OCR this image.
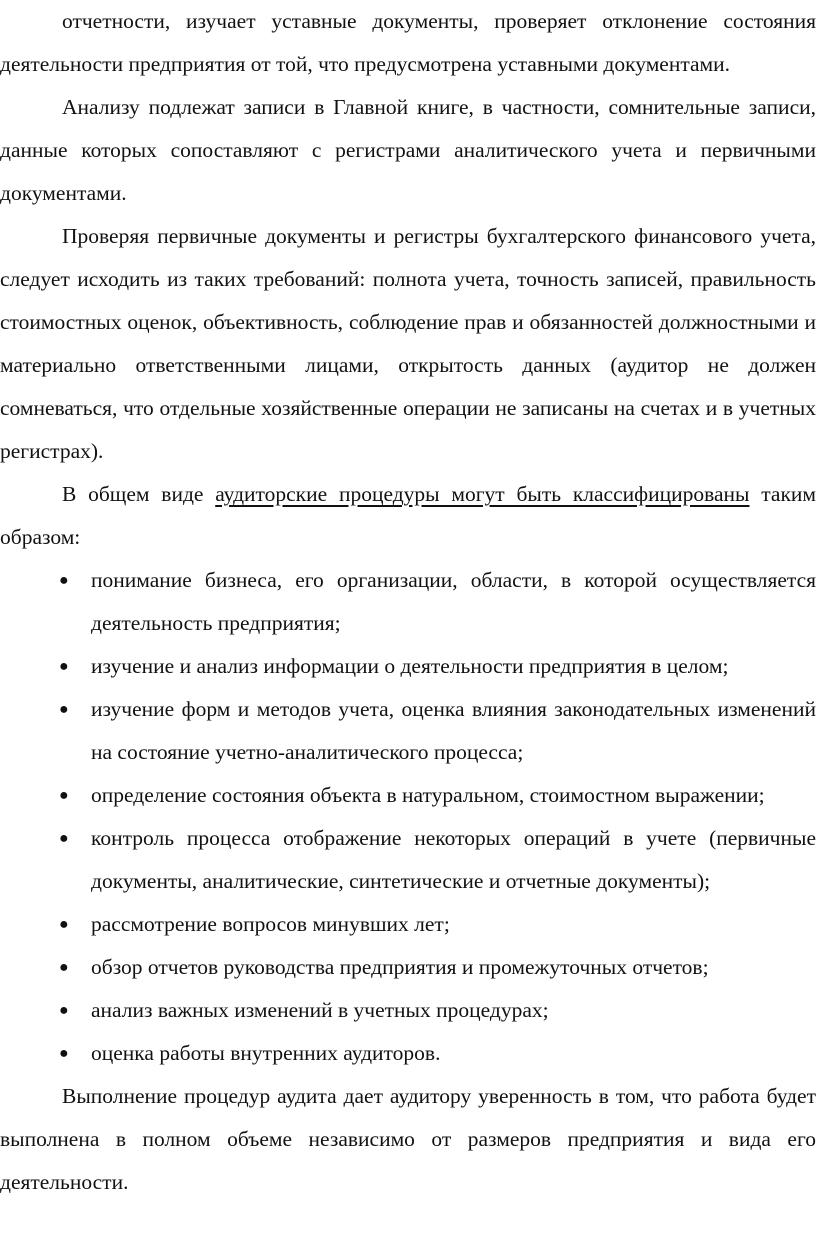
отчетности, изучает уставные документы, проверяет отклонение состояния деятельности предприятия от той, что предусмотрена уставными документами.

Анализу подлежат записи в Главной книге, в частности, сомнительные записи, данные которых сопоставляют с регистрами аналитического учета и первичными документами.

Проверяя первичные документы и регистры бухгалтерского финансового учета, следует исходить из таких требований: полнота учета, точность записей, правильность стоимостных оценок, объективность, соблюдение прав и обязанностей должностными и материально ответственными лицами, открытость данных (аудитор не должен сомневаться, что отдельные хозяйственные операции не записаны на счетах и в учетных регистрах).

В общем виде аудиторские процедуры могут быть классифицированы таким образом:

● понимание бизнеса, его организации, области, в которой осуществляется деятельность предприятия;
● изучение и анализ информации о деятельности предприятия в целом;
● изучение форм и методов учета, оценка влияния законодательных изменений на состояние учетно-аналитического процесса;
● определение состояния объекта в натуральном, стоимостном выражении;
● контроль процесса отображение некоторых операций в учете (первичные документы, аналитические, синтетические и отчетные документы);
● рассмотрение вопросов минувших лет;
● обзор отчетов руководства предприятия и промежуточных отчетов;
● анализ важных изменений в учетных процедурах;
● оценка работы внутренних аудиторов.

Выполнение процедур аудита дает аудитору уверенность в том, что работа будет выполнена в полном объеме независимо от размеров предприятия и вида его деятельности.
